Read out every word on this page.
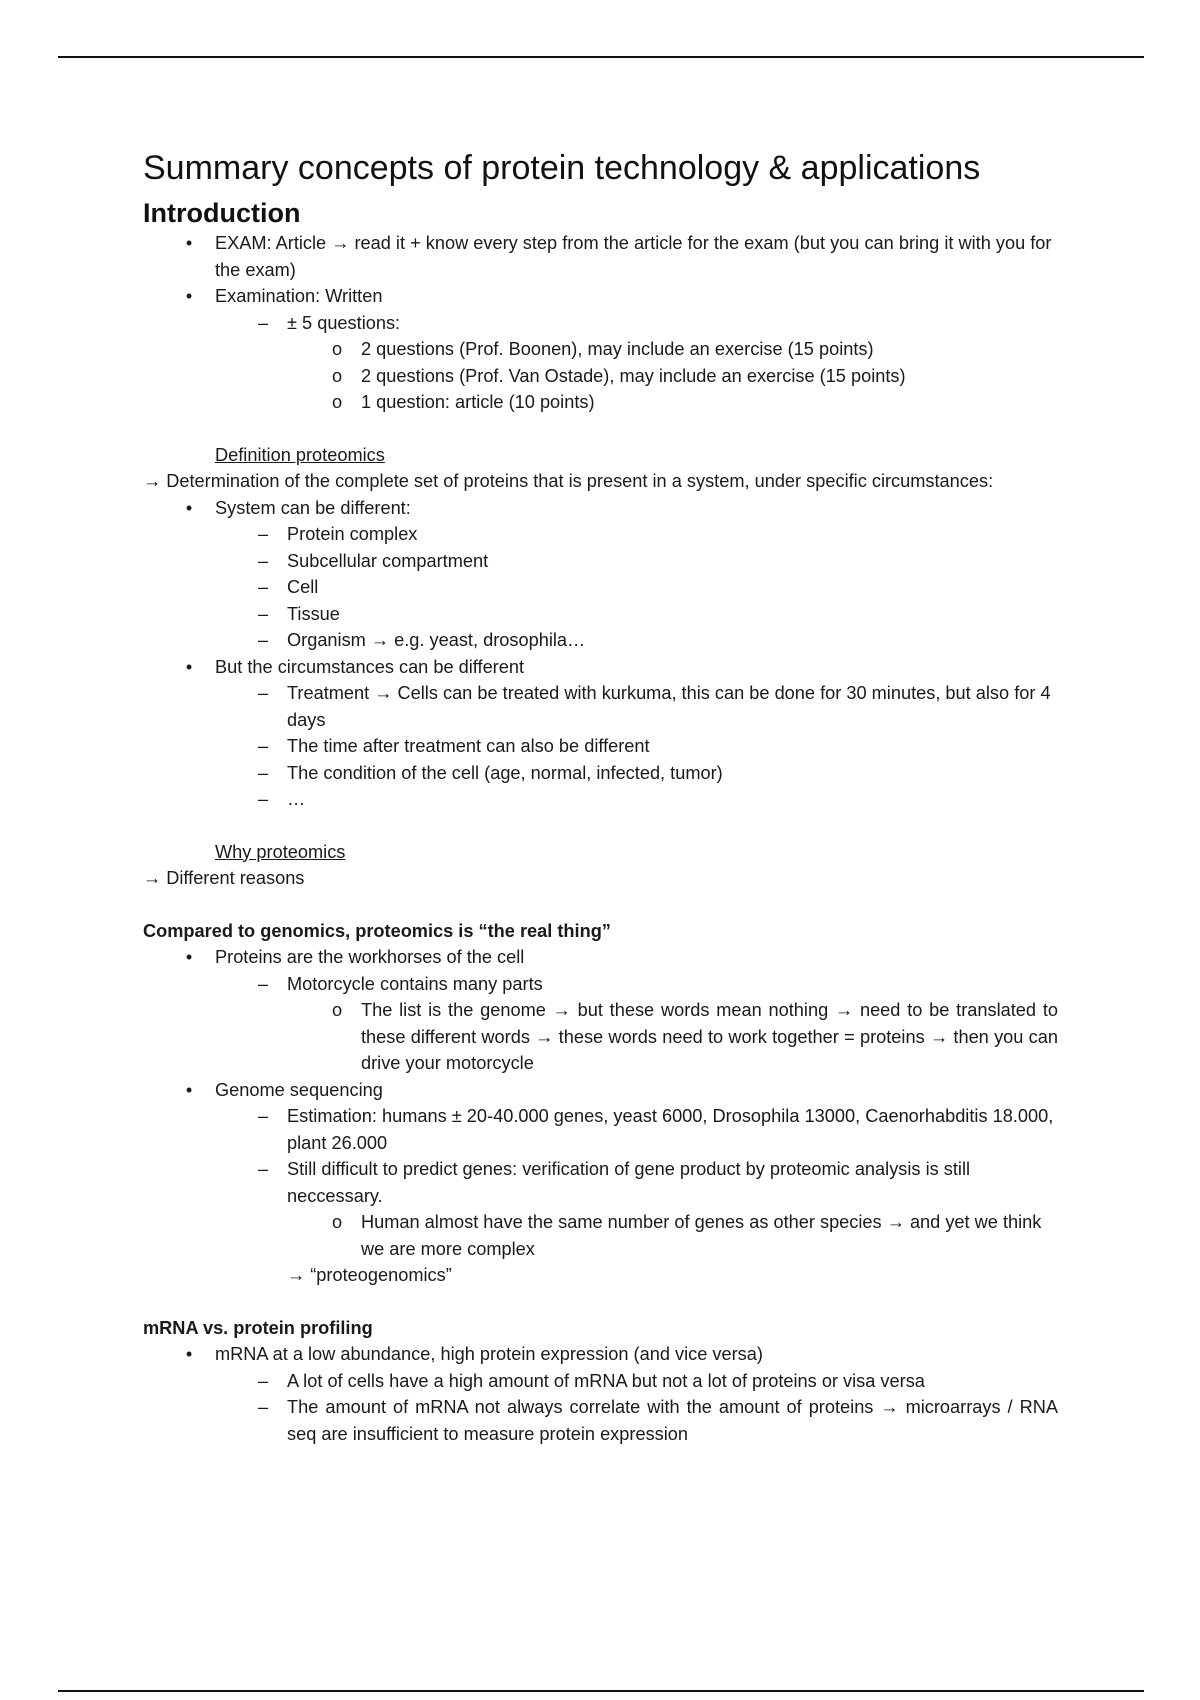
Summary concepts of protein technology & applications
Introduction
•	EXAM: Article → read it + know every step from the article for the exam (but you can bring it with you for the exam)
•	Examination: Written
–	± 5 questions:
o	2 questions (Prof. Boonen), may include an exercise (15 points)
o	2 questions (Prof. Van Ostade), may include an exercise (15 points)
o	1 question: article (10 points)
Definition proteomics
→ Determination of the complete set of proteins that is present in a system, under specific circumstances:
•	System can be different:
–	Protein complex
–	Subcellular compartment
–	Cell
–	Tissue
–	Organism → e.g. yeast, drosophila…
•	But the circumstances can be different
–	Treatment → Cells can be treated with kurkuma, this can be done for 30 minutes, but also for 4 days
–	The time after treatment can also be different
–	The condition of the cell (age, normal, infected, tumor)
–	…
Why proteomics
→ Different reasons
Compared to genomics, proteomics is “the real thing”
•	Proteins are the workhorses of the cell
–	Motorcycle contains many parts
o	The list is the genome → but these words mean nothing → need to be translated to these different words → these words need to work together = proteins → then you can drive your motorcycle
•	Genome sequencing
–	Estimation: humans ± 20-40.000 genes, yeast 6000, Drosophila 13000, Caenorhabditis 18.000, plant 26.000
–	Still difficult to predict genes: verification of gene product by proteomic analysis is still neccessary.
o	Human almost have the same number of genes as other species → and yet we think we are more complex
→ “proteogenomics”
mRNA vs. protein profiling
•	mRNA at a low abundance, high protein expression (and vice versa)
–	A lot of cells have a high amount of mRNA but not a lot of proteins or visa versa
–	The amount of mRNA not always correlate with the amount of proteins → microarrays / RNA seq are insufficient to measure protein expression
